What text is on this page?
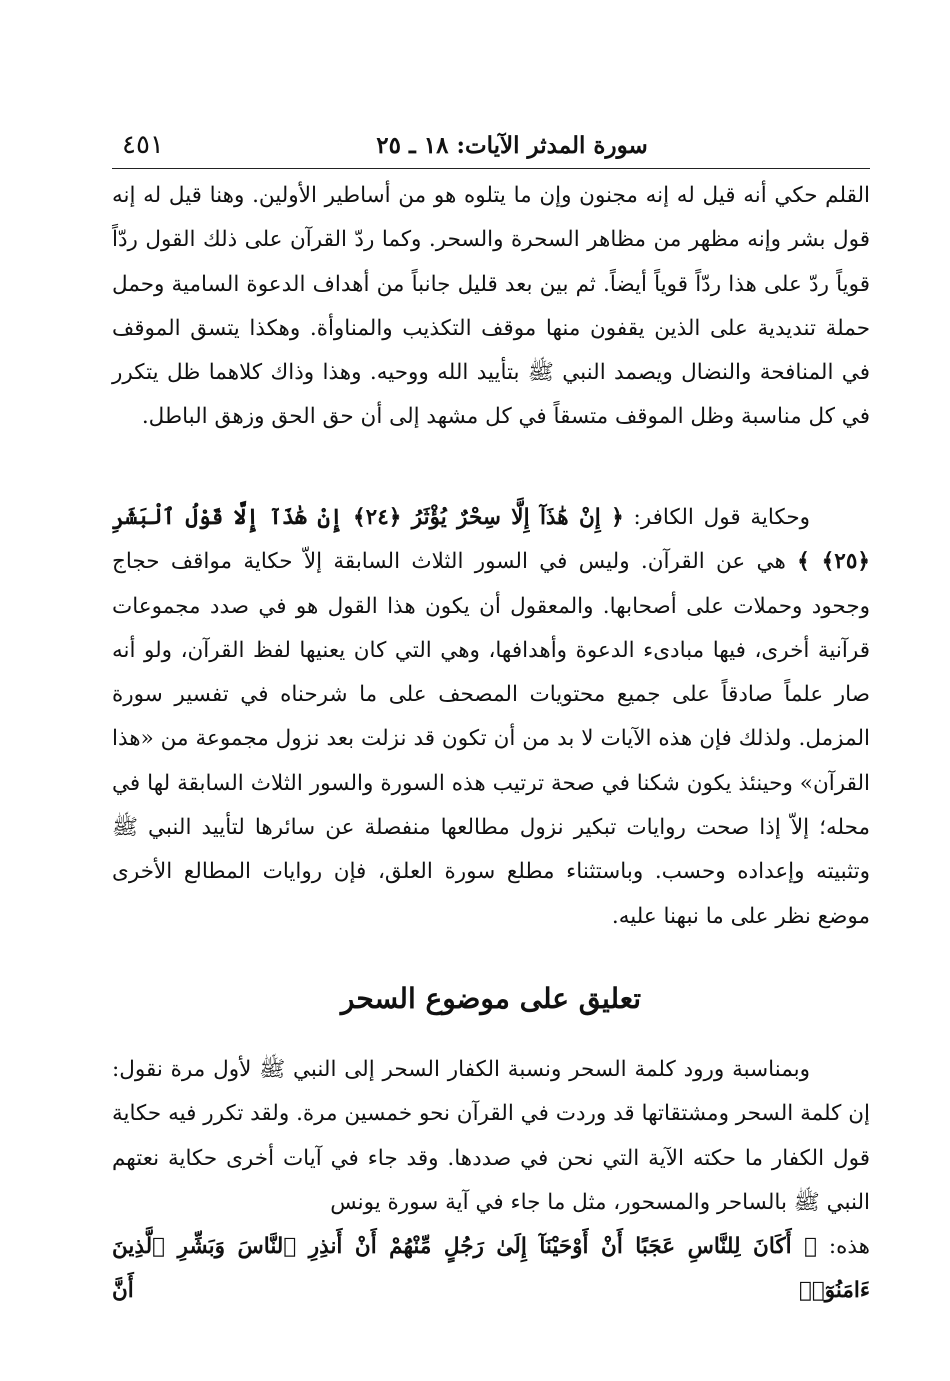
٤٥١	سورة المدثر الآيات: ١٨ ـ ٢٥

القلم حكي أنه قيل له إنه مجنون وإن ما يتلوه هو من أساطير الأولين. وهنا قيل له إنه قول بشر وإنه مظهر من مظاهر السحرة والسحر. وكما ردّ القرآن على ذلك القول ردّاً قوياً ردّ على هذا ردّاً قوياً أيضاً. ثم بين بعد قليل جانباً من أهداف الدعوة السامية وحمل حملة تنديدية على الذين يقفون منها موقف التكذيب والمناوأة. وهكذا يتسق الموقف في المنافحة والنضال ويصمد النبي ﷺ بتأييد الله ووحيه. وهذا وذاك كلاهما ظل يتكرر في كل مناسبة وظل الموقف متسقاً في كل مشهد إلى أن حق الحق وزهق الباطل.

وحكاية قول الكافر: ﴿ إِنْ هَٰذَآ إِلَّا سِحْرٌ يُؤْثَرُ ﴿٢٤﴾ إِنْ هَٰذَآ إِلَّا قَوْلُ ٱلْبَشَرِ ﴿٢٥﴾ ﴾ هي عن القرآن. وليس في السور الثلاث السابقة إلاّ حكاية مواقف حجاج وجحود وحملات على أصحابها. والمعقول أن يكون هذا القول هو في صدد مجموعات قرآنية أخرى، فيها مبادىء الدعوة وأهدافها، وهي التي كان يعنيها لفظ القرآن، ولو أنه صار علماً صادقاً على جميع محتويات المصحف على ما شرحناه في تفسير سورة المزمل. ولذلك فإن هذه الآيات لا بد من أن تكون قد نزلت بعد نزول مجموعة من «هذا القرآن» وحينئذ يكون شكنا في صحة ترتيب هذه السورة والسور الثلاث السابقة لها في محله؛ إلاّ إذا صحت روايات تبكير نزول مطالعها منفصلة عن سائرها لتأييد النبي ﷺ وتثبيته وإعداده وحسب. وباستثناء مطلع سورة العلق، فإن روايات المطالع الأخرى موضع نظر على ما نبهنا عليه.

تعليق على موضوع السحر

وبمناسبة ورود كلمة السحر ونسبة الكفار السحر إلى النبي ﷺ لأول مرة نقول: إن كلمة السحر ومشتقاتها قد وردت في القرآن نحو خمسين مرة. ولقد تكرر فيه حكاية قول الكفار ما حكته الآية التي نحن في صددها. وقد جاء في آيات أخرى حكاية نعتهم النبي ﷺ بالساحر والمسحور، مثل ما جاء في آية سورة يونس

هذه: ﴿ أَكَانَ لِلنَّاسِ عَجَبًا أَنْ أَوْحَيْنَآ إِلَىٰ رَجُلٍ مِّنْهُمْ أَنْ أَنذِرِ ٱلنَّاسَ وَبَشِّرِ ٱلَّذِينَ ءَامَنُوٓا۟ أَنَّ
